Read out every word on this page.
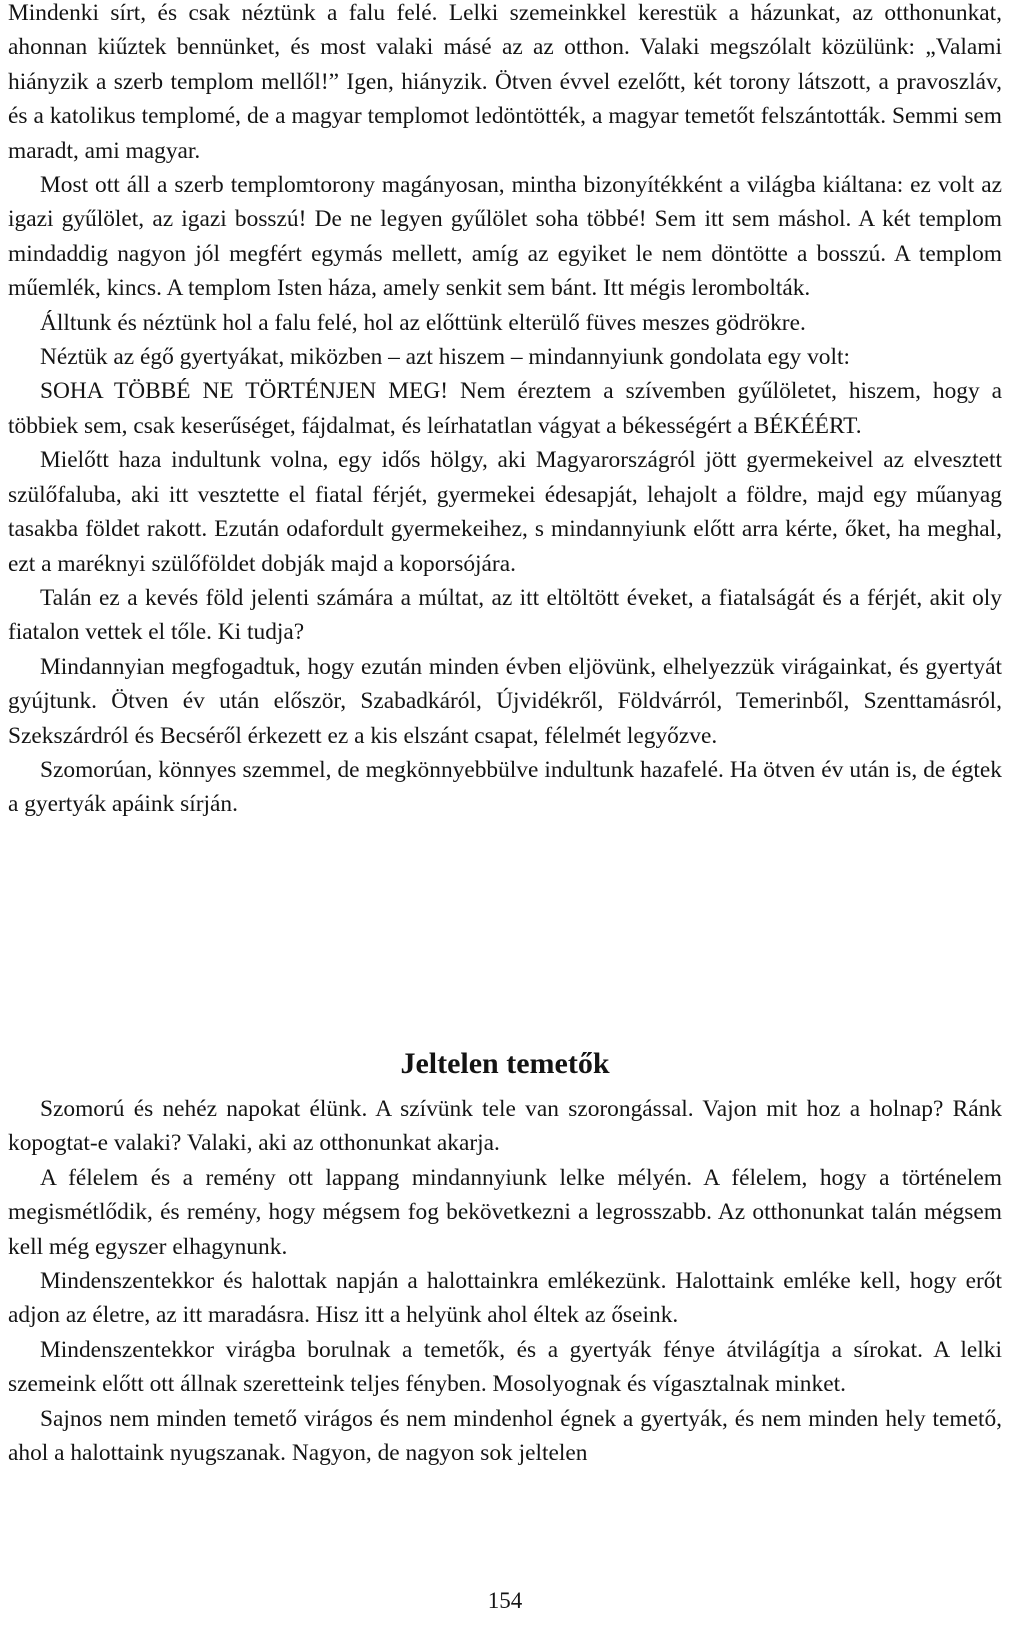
Mindenki sírt, és csak néztünk a falu felé. Lelki szemeinkkel kerestük a házunkat, az otthonunkat, ahonnan kiűztek bennünket, és most valaki másé az az otthon. Valaki megszólalt közülünk: „Valami hiányzik a szerb templom mellől!” Igen, hiányzik. Ötven évvel ezelőtt, két torony látszott, a pravoszláv, és a katolikus templomé, de a magyar templomot ledöntötték, a magyar temetőt felszántották. Semmi sem maradt, ami magyar.

Most ott áll a szerb templomtorony magányosan, mintha bizonyítékként a világba kiáltana: ez volt az igazi gyűlölet, az igazi bosszú! De ne legyen gyűlölet soha többé! Sem itt sem máshol. A két templom mindaddig nagyon jól megfért egymás mellett, amíg az egyiket le nem döntötte a bosszú. A templom műemlék, kincs. A templom Isten háza, amely senkit sem bánt. Itt mégis lerombolták.

Álltunk és néztünk hol a falu felé, hol az előttünk elterülő füves meszes gödrökre.

Néztük az égő gyertyákat, miközben – azt hiszem – mindannyiunk gondolata egy volt:

SOHA TÖBBÉ NE TÖRTÉNJEN MEG! Nem éreztem a szívemben gyűlöletet, hiszem, hogy a többiek sem, csak keserűséget, fájdalmat, és leírhatatlan vágyat a békességért a BÉKÉÉRT.

Mielőtt haza indultunk volna, egy idős hölgy, aki Magyarországról jött gyermekeivel az elvesztett szülőfaluba, aki itt vesztette el fiatal férjét, gyermekei édesapját, lehajolt a földre, majd egy műanyag tasakba földet rakott. Ezután odafordult gyermekeihez, s mindannyiunk előtt arra kérte, őket, ha meghal, ezt a maréknyi szülőföldet dobják majd a koporsójára.

Talán ez a kevés föld jelenti számára a múltat, az itt eltöltött éveket, a fiatalságát és a férjét, akit oly fiatalon vettek el tőle. Ki tudja?

Mindannyian megfogadtuk, hogy ezután minden évben eljövünk, elhelyezzük virágainkat, és gyertyát gyújtunk. Ötven év után először, Szabadkáról, Újvidékről, Földvárról, Temerinből, Szenttamásról, Szekszárdról és Becséről érkezett ez a kis elszánt csapat, félelmét legyőzve.

Szomorúan, könnyes szemmel, de megkönnyebbülve indultunk hazafelé. Ha ötven év után is, de égtek a gyertyák apáink sírján.

Jeltelen temetők

Szomorú és nehéz napokat élünk. A szívünk tele van szorongással. Vajon mit hoz a holnap? Ránk kopogtat-e valaki? Valaki, aki az otthonunkat akarja.

A félelem és a remény ott lappang mindannyiunk lelke mélyén. A félelem, hogy a történelem megismétlődik, és remény, hogy mégsem fog bekövetkezni a legrosszabb. Az otthonunkat talán mégsem kell még egyszer elhagynunk.

Mindenszentekkor és halottak napján a halottainkra emlékezünk. Halottaink emléke kell, hogy erőt adjon az életre, az itt maradásra. Hisz itt a helyünk ahol éltek az őseink.

Mindenszentekkor virágba borulnak a temetők, és a gyertyák fénye átvilágítja a sírokat. A lelki szemeink előtt ott állnak szeretteink teljes fényben. Mosolyognak és vígasztalnak minket.

Sajnos nem minden temető virágos és nem mindenhol égnek a gyertyák, és nem minden hely temető, ahol a halottaink nyugszanak. Nagyon, de nagyon sok jeltelen

154
